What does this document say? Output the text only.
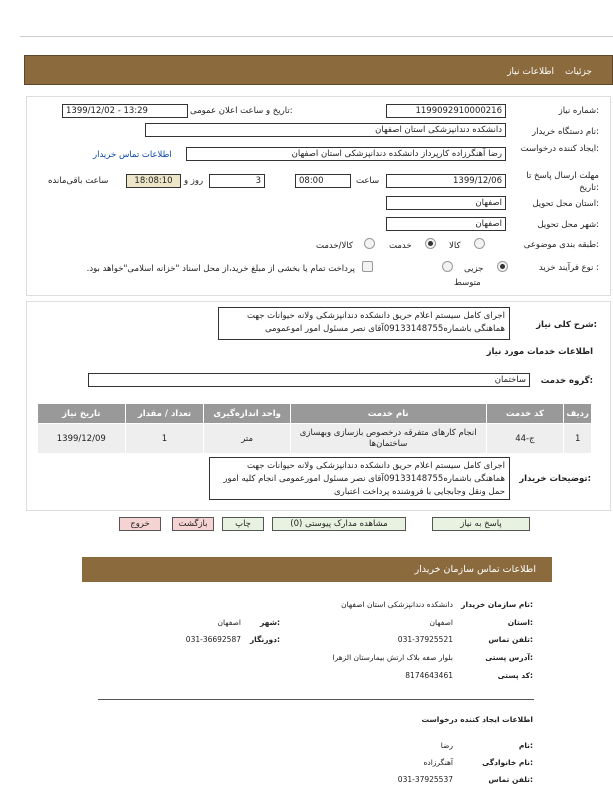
جزئیات
اطلاعات نیاز
شماره نیاز:
1199092910000216
تاریخ و ساعت اعلان عمومی:
1399/12/02 - 13:29
نام دستگاه خریدار:
دانشکده دندانپزشکی استان اصفهان
ایجاد کننده درخواست:
رضا آهنگرزاده کارپرداز دانشکده دندانپزشکی استان اصفهان
اطلاعات تماس خریدار
مهلت ارسال پاسخ تا تاریخ:
1399/12/06
ساعت
08:00
3
روز و
18:08:10
ساعت باقی‌مانده
استان محل تحویل:
اصفهان
شهر محل تحویل:
اصفهان
طبقه بندی موضوعی:
کالا
خدمت
کالا/خدمت
نوع فرآیند خرید :
جزیی
متوسط
پرداخت تمام یا بخشی از مبلغ خرید،از محل اسناد "خزانه اسلامی"خواهد بود.
شرح کلی نیاز:
اجرای کامل سیستم اعلام حریق دانشکده دندانپزشکی ولانه حیوانات جهت هماهنگی باشماره09133148755آقای نصر مسئول امور اموعمومی
اطلاعات خدمات مورد نیاز
گروه خدمت:
ساختمان
تاریخ نیاز	تعداد / مقدار	واحد اندازه‌گیری	نام خدمت	کد خدمت	ردیف
1399/12/09	1	متر	انجام کارهای متفرقه درخصوص بازسازی وبهسازی ساختمان‌ها	ج-44	1
توضیحات خریدار:
اجرای کامل سیستم اعلام حریق دانشکده دندانپزشکی ولانه حیوانات جهت هماهنگی باشماره09133148755آقای نصر مسئول امورعمومی انجام کلیه امور حمل ونقل وجابجایی با فروشنده پرداخت اعتباری
پاسخ به نیاز
مشاهده مدارک پیوستی (0)
چاپ
بازگشت
خروج
اطلاعات تماس سازمان خریدار
نام سازمان خریدار:
دانشکده دندانپزشکی استان اصفهان
استان:
اصفهان
شهر:
اصفهان
تلفن تماس:
031-37925521
دورنگار:
031-36692587
آدرس پستی:
بلوار صفه بلاک ارتش بیمارستان الزهرا
کد پستی:
8174643461
اطلاعات ایجاد کننده درخواست
نام:
رضا
نام خانوادگی:
آهنگرزاده
تلفن تماس:
031-37925537
